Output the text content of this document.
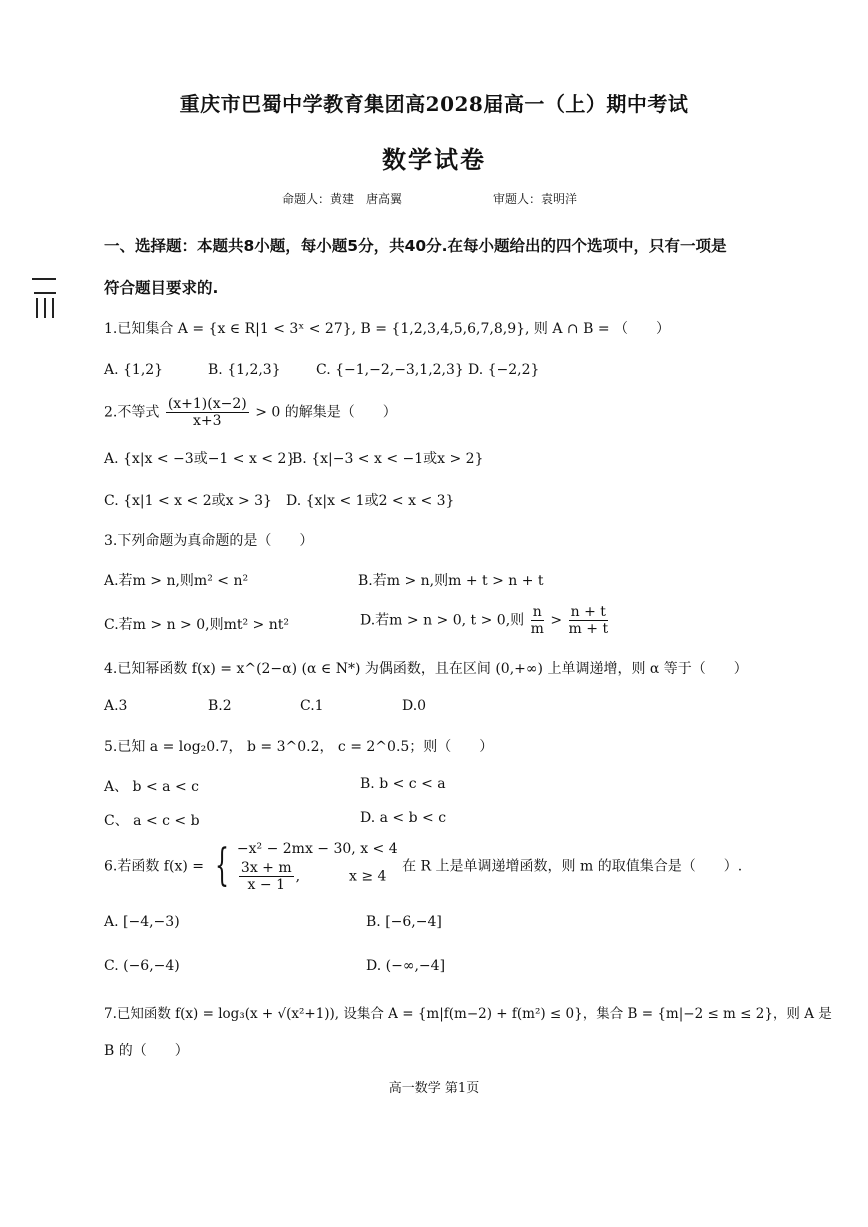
重庆市巴蜀中学教育集团高2028届高一（上）期中考试
数学试卷
命题人：黄建　唐高翼	审题人：袁明洋
一、选择题：本题共8小题，每小题5分，共40分.在每小题给出的四个选项中，只有一项是
符合题目要求的.
1.已知集合 A = {x ∈ R|1 < 3ˣ < 27}, B = {1,2,3,4,5,6,7,8,9}, 则 A ∩ B = （　　）
A. {1,2}	B. {1,2,3}	C. {−1,−2,−3,1,2,3} D. {−2,2}
2.不等式 $\frac{(x+1)(x-2)}{x+3} > 0$ 的解集是（　　）
A. {x|x < −3或−1 < x < 2}
B. {x|−3 < x < −1或x > 2}
C. {x|1 < x < 2或x > 3} D. {x|x < 1或2 < x < 3}
3.下列命题为真命题的是（　　）
A.若m > n,则m² < n²	B.若m > n,则m + t > n + t
C.若m > n > 0,则mt² > nt²	D.若m > n > 0, t > 0,则 $\frac{n}{m} > \frac{n + t}{m + t}$
4.已知幂函数 f(x) = x^(2−α) (α ∈ N*) 为偶函数，且在区间 (0,+∞) 上单调递增，则 α 等于（　　）
A.3	B.2	C.1	D.0
5.已知 a = log₂0.7， b = 3^0.2， c = 2^0.5；则（　　）
A、 b < a < c	B. b < c < a
C、 a < c < b	D. a < b < c
6.若函数 f(x) = { −x² − 2mx − 30, x < 4
$\frac{3x + m}{x - 1}$ ,           x ≥ 4
在 R 上是单调递增函数，则 m 的取值集合是（　　）.
A. [−4,−3)	B. [−6,−4]
C. (−6,−4)	D. (−∞,−4]
7.已知函数 f(x) = log₃(x + √(x²+1)), 设集合 A = {m|f(m−2) + f(m²) ≤ 0}，集合 B = {m|−2 ≤ m ≤ 2}，则 A 是
B 的（　　）
高一数学 第1页
